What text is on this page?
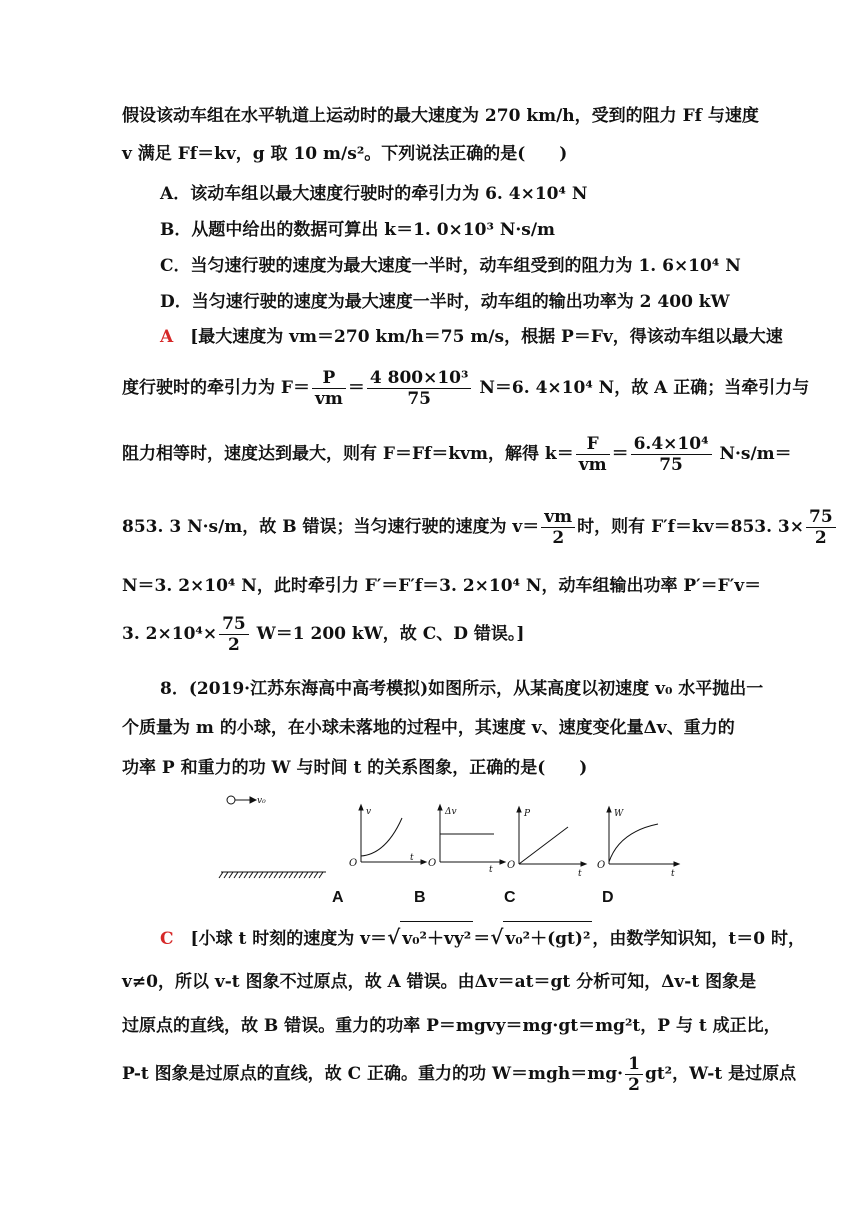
假设该动车组在水平轨道上运动时的最大速度为 270 km/h，受到的阻力 Ff 与速度
v 满足 Ff＝kv，g 取 10 m/s²。下列说法正确的是(　　)
A．该动车组以最大速度行驶时的牵引力为 6. 4×10⁴ N
B．从题中给出的数据可算出 k＝1. 0×10³ N·s/m
C．当匀速行驶的速度为最大速度一半时，动车组受到的阻力为 1. 6×10⁴ N
D．当匀速行驶的速度为最大速度一半时，动车组的输出功率为 2 400 kW
A  [最大速度为 vm＝270 km/h＝75 m/s，根据 P＝Fv，得该动车组以最大速
度行驶时的牵引力为 $F= \frac{P}{vm} = \frac{\text{4 800×10³}}{75} N=6$. 4×10⁴ N，故 A 正确；当牵引力与
阻力相等时，速度达到最大，则有 F＝Ff＝kvm，解得 $k= \frac{F}{vm} = \frac{\text{6.4×10⁴}}{75} N\cdot s/m=$
853. 3 N·s/m，故 B 错误；当匀速行驶的速度为 $v= \frac{vm}{2}$ 时，则有 F′f＝kv＝853. $3\times \frac{75}{2}$
N＝3. 2×10⁴ N，此时牵引力 F′＝F′f＝3. 2×10⁴ N，动车组输出功率 P′＝F′v＝
3. $2\times 10^4\times \frac{75}{2} W=1$ 200 kW，故 C、D 错误。]
8．(2019·江苏东海高中高考模拟)如图所示，从某高度以初速度 v₀ 水平抛出一
个质量为 m 的小球，在小球未落地的过程中，其速度 v、速度变化量Δv、重力的
功率 P 和重力的功 W 与时间 t 的关系图象，正确的是(　　)
v₀
v
t
O
A
Δv
t
O
B
P
t
O
C
W
t
O
D
C  [小球 t 时刻的速度为 v＝√ v₀²＋vy² ＝√ v₀²＋(gt)² ，由数学知识知，t＝0 时，
v≠0，所以 v-t 图象不过原点，故 A 错误。由Δv＝at＝gt 分析可知，Δv-t 图象是
过原点的直线，故 B 错误。重力的功率 P＝mgvy＝mg·gt＝mg²t，P 与 t 成正比，
P-t 图象是过原点的直线，故 C 正确。重力的功 $W=mgh=mg\cdot \frac{1}{2} gt^2$，W-t 是过原点
